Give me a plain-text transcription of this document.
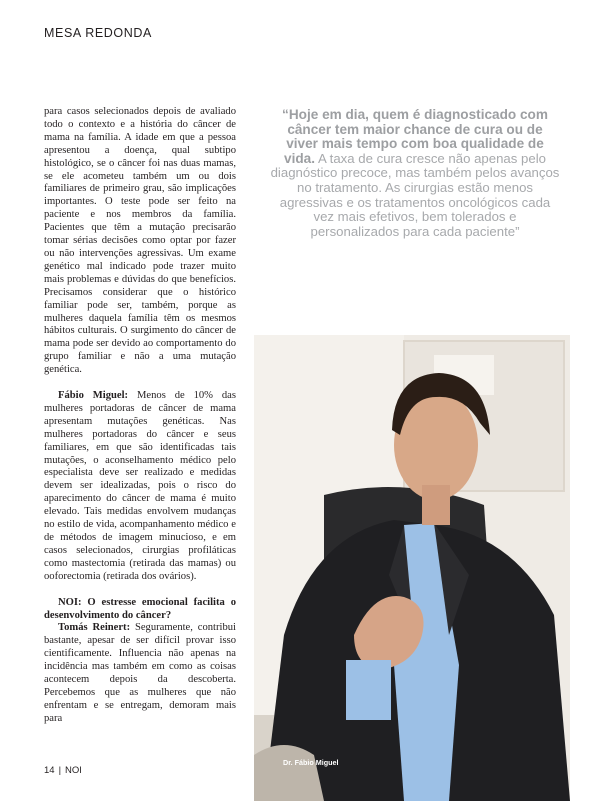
MESA REDONDA

para casos selecionados depois de avaliado todo o contexto e a história do câncer de mama na família. A idade em que a pessoa apresentou a doença, qual subtipo histológico, se o câncer foi nas duas mamas, se ele acometeu também um ou dois familiares de primeiro grau, são implicações importantes. O teste pode ser feito na paciente e nos membros da família. Pacientes que têm a mutação precisarão tomar sérias decisões como optar por fazer ou não intervenções agressivas. Um exame genético mal indicado pode trazer muito mais problemas e dúvidas do que benefícios. Precisamos considerar que o histórico familiar pode ser, também, porque as mulheres daquela família têm os mesmos hábitos culturais. O surgimento do câncer de mama pode ser devido ao comportamento do grupo familiar e não a uma mutação genética.

Fábio Miguel: Menos de 10% das mulheres portadoras de câncer de mama apresentam mutações genéticas. Nas mulheres portadoras do câncer e seus familiares, em que são identificadas tais mutações, o aconselhamento médico pelo especialista deve ser realizado e medidas devem ser idealizadas, pois o risco do aparecimento do câncer de mama é muito elevado. Tais medidas envolvem mudanças no estilo de vida, acompanhamento médico e de métodos de imagem minucioso, e em casos selecionados, cirurgias profiláticas como mastectomia (retirada das mamas) ou ooforectomia (retirada dos ovários).

NOI: O estresse emocional facilita o desenvolvimento do câncer?

Tomás Reinert: Seguramente, contribui bastante, apesar de ser difícil provar isso cientificamente. Influencia não apenas na incidência mas também em como as coisas acontecem depois da descoberta. Percebemos que as mulheres que não enfrentam e se entregam, demoram mais para

“Hoje em dia, quem é diagnosticado com câncer tem maior chance de cura ou de viver mais tempo com boa qualidade de vida. A taxa de cura cresce não apenas pelo diagnóstico precoce, mas também pelos avanços no tratamento. As cirurgias estão menos agressivas e os tratamentos oncológicos cada vez mais efetivos, bem tolerados e personalizados para cada paciente”
Dr. Fábio Miguel
14 | NOI
